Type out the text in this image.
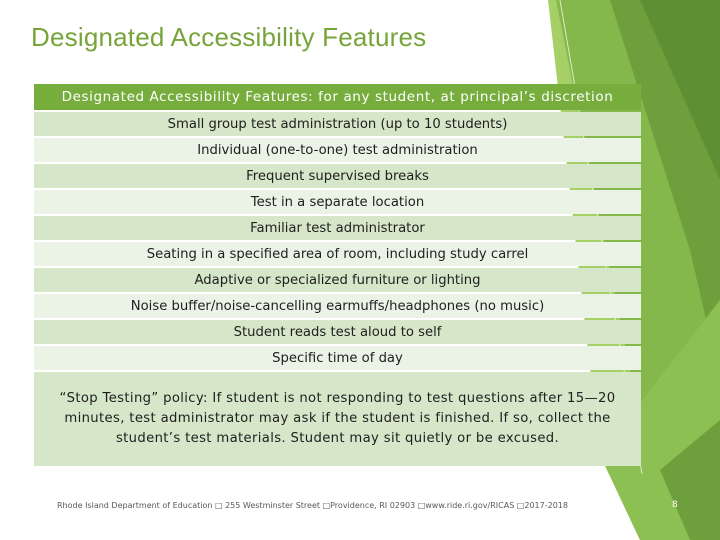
Designated Accessibility Features
Designated Accessibility Features: for any student, at principal’s discretion
Small group test administration (up to 10 students)
Individual (one-to-one) test administration
Frequent supervised breaks
Test in a separate location
Familiar test administrator
Seating in a specified area of room, including study carrel
Adaptive or specialized furniture or lighting
Noise buffer/noise-cancelling earmuffs/headphones (no music)
Student reads test aloud to self
Specific time of day
“Stop Testing” policy: If student is not responding to test questions after 15—20 minutes, test administrator may ask if the student is finished. If so, collect the student’s test materials. Student may sit quietly or be excused.
Rhode Island Department of Education □ 255 Westminster Street □Providence, RI 02903 □www.ride.ri.gov/RICAS □2017-2018	8
